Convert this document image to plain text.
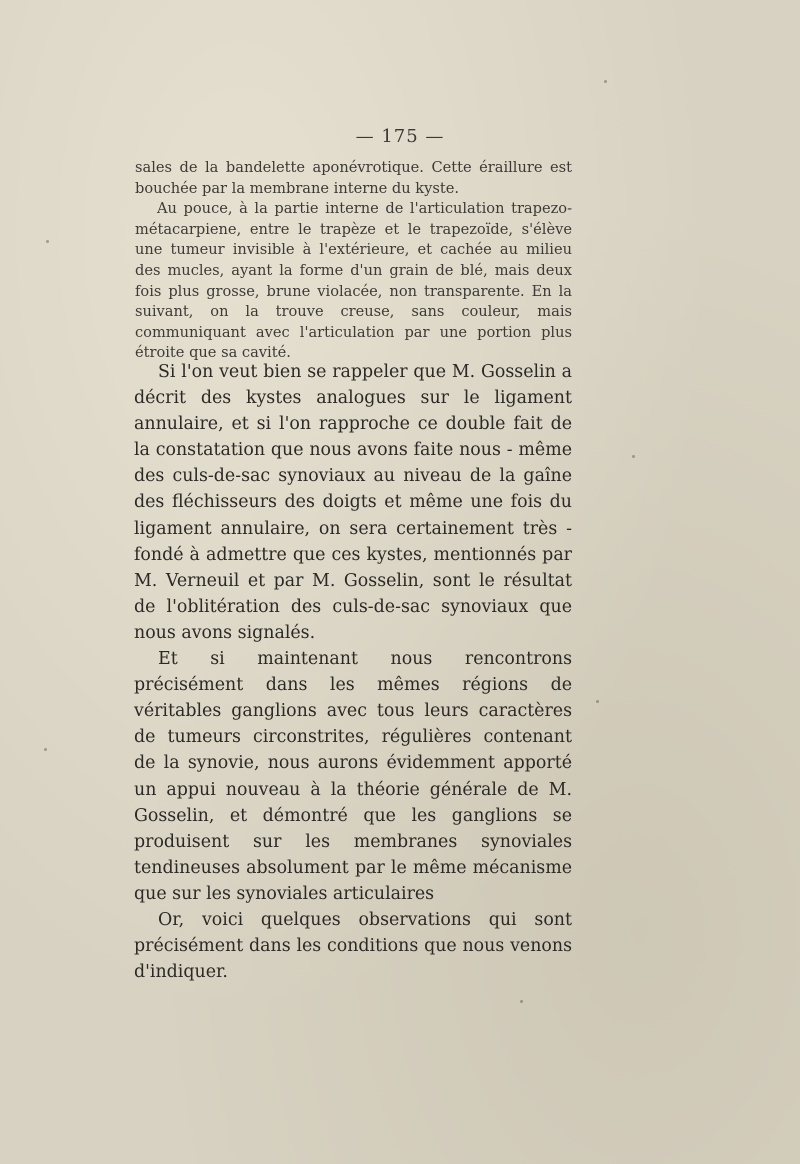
— 175 —

sales de la bandelette aponévrotique. Cette éraillure est bouchée par la membrane interne du kyste.

Au pouce, à la partie interne de l'articulation trapezo-métacarpiene, entre le trapèze et le trapezoïde, s'élève une tumeur invisible à l'extérieure, et cachée au milieu des mucles, ayant la forme d'un grain de blé, mais deux fois plus grosse, brune violacée, non transparente. En la suivant, on la trouve creuse, sans couleur, mais communiquant avec l'articulation par une portion plus étroite que sa cavité.

Si l'on veut bien se rappeler que M. Gosselin a décrit des kystes analogues sur le ligament annulaire, et si l'on rapproche ce double fait de la constatation que nous avons faite nous - même des culs-de-sac synoviaux au niveau de la gaîne des fléchisseurs des doigts et même une fois du ligament annulaire, on sera certainement très - fondé à admettre que ces kystes, mentionnés par M. Verneuil et par M. Gosselin, sont le résultat de l'oblitération des culs-de-sac synoviaux que nous avons signalés.

Et si maintenant nous rencontrons précisément dans les mêmes régions de véritables ganglions avec tous leurs caractères de tumeurs circonstrites, régulières contenant de la synovie, nous aurons évidemment apporté un appui nouveau à la théorie générale de M. Gosselin, et démontré que les ganglions se produisent sur les membranes synoviales tendineuses absolument par le même mécanisme que sur les synoviales articulaires

Or, voici quelques observations qui sont précisément dans les conditions que nous venons d'indiquer.
